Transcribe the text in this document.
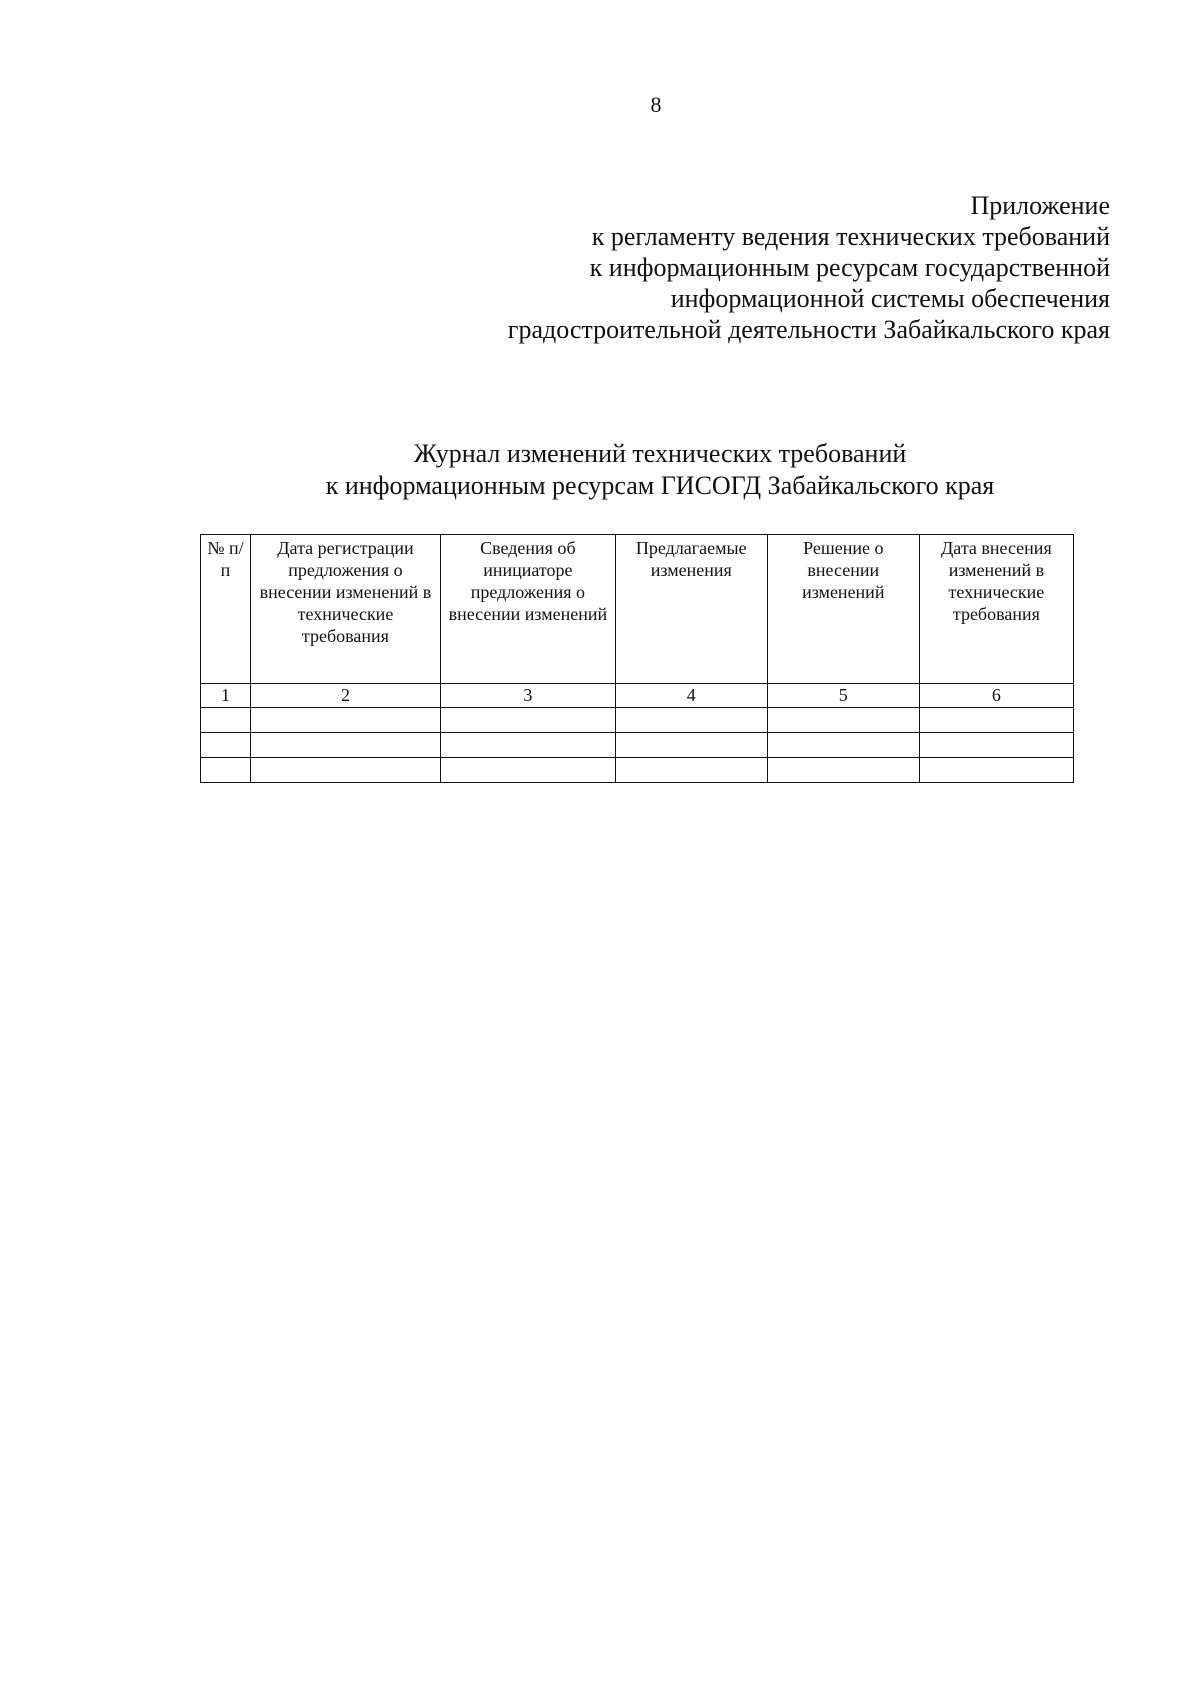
8
Приложение
к регламенту ведения технических требований
к информационным ресурсам государственной
информационной системы обеспечения
градостроительной деятельности Забайкальского края
Журнал изменений технических требований
к информационным ресурсам ГИСОГД Забайкальского края
№ п/п	Дата регистрации предложения о внесении изменений в технические требования	Сведения об инициаторе предложения о внесении изменений	Предлагаемые изменения	Решение о внесении изменений	Дата внесения изменений в технические требования
1	2	3	4	5	6
